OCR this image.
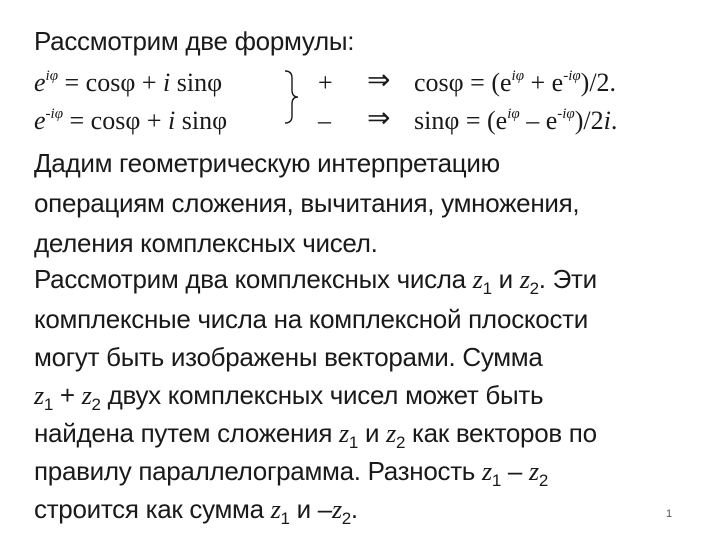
Рассмотрим две формулы:
$e^{i\varphi} = \cos\varphi + i$ sinφ	+ ⇒ $\cos\varphi = (e^{i\varphi} + e^{-i\varphi})/2$.
$e^{-i\varphi} = \cos\varphi + i$ sinφ	– ⇒ $\sin\varphi = (e^{i\varphi} - e^{-i\varphi})/2i$.
Дадим геометрическую интерпретацию
операциям сложения, вычитания, умножения,
деления комплексных чисел.
Рассмотрим два комплексных числа $z_1$ и $z_2$. Эти
комплексные числа на комплексной плоскости
могут быть изображены векторами. Сумма
$z_1 + z_2$ двух комплексных чисел может быть
найдена путем сложения $z_1$ и $z_2$ как векторов по
правилу параллелограмма. Разность $z_1 - z_2$
строится как сумма $z_1$ и $-z_2$.	1
